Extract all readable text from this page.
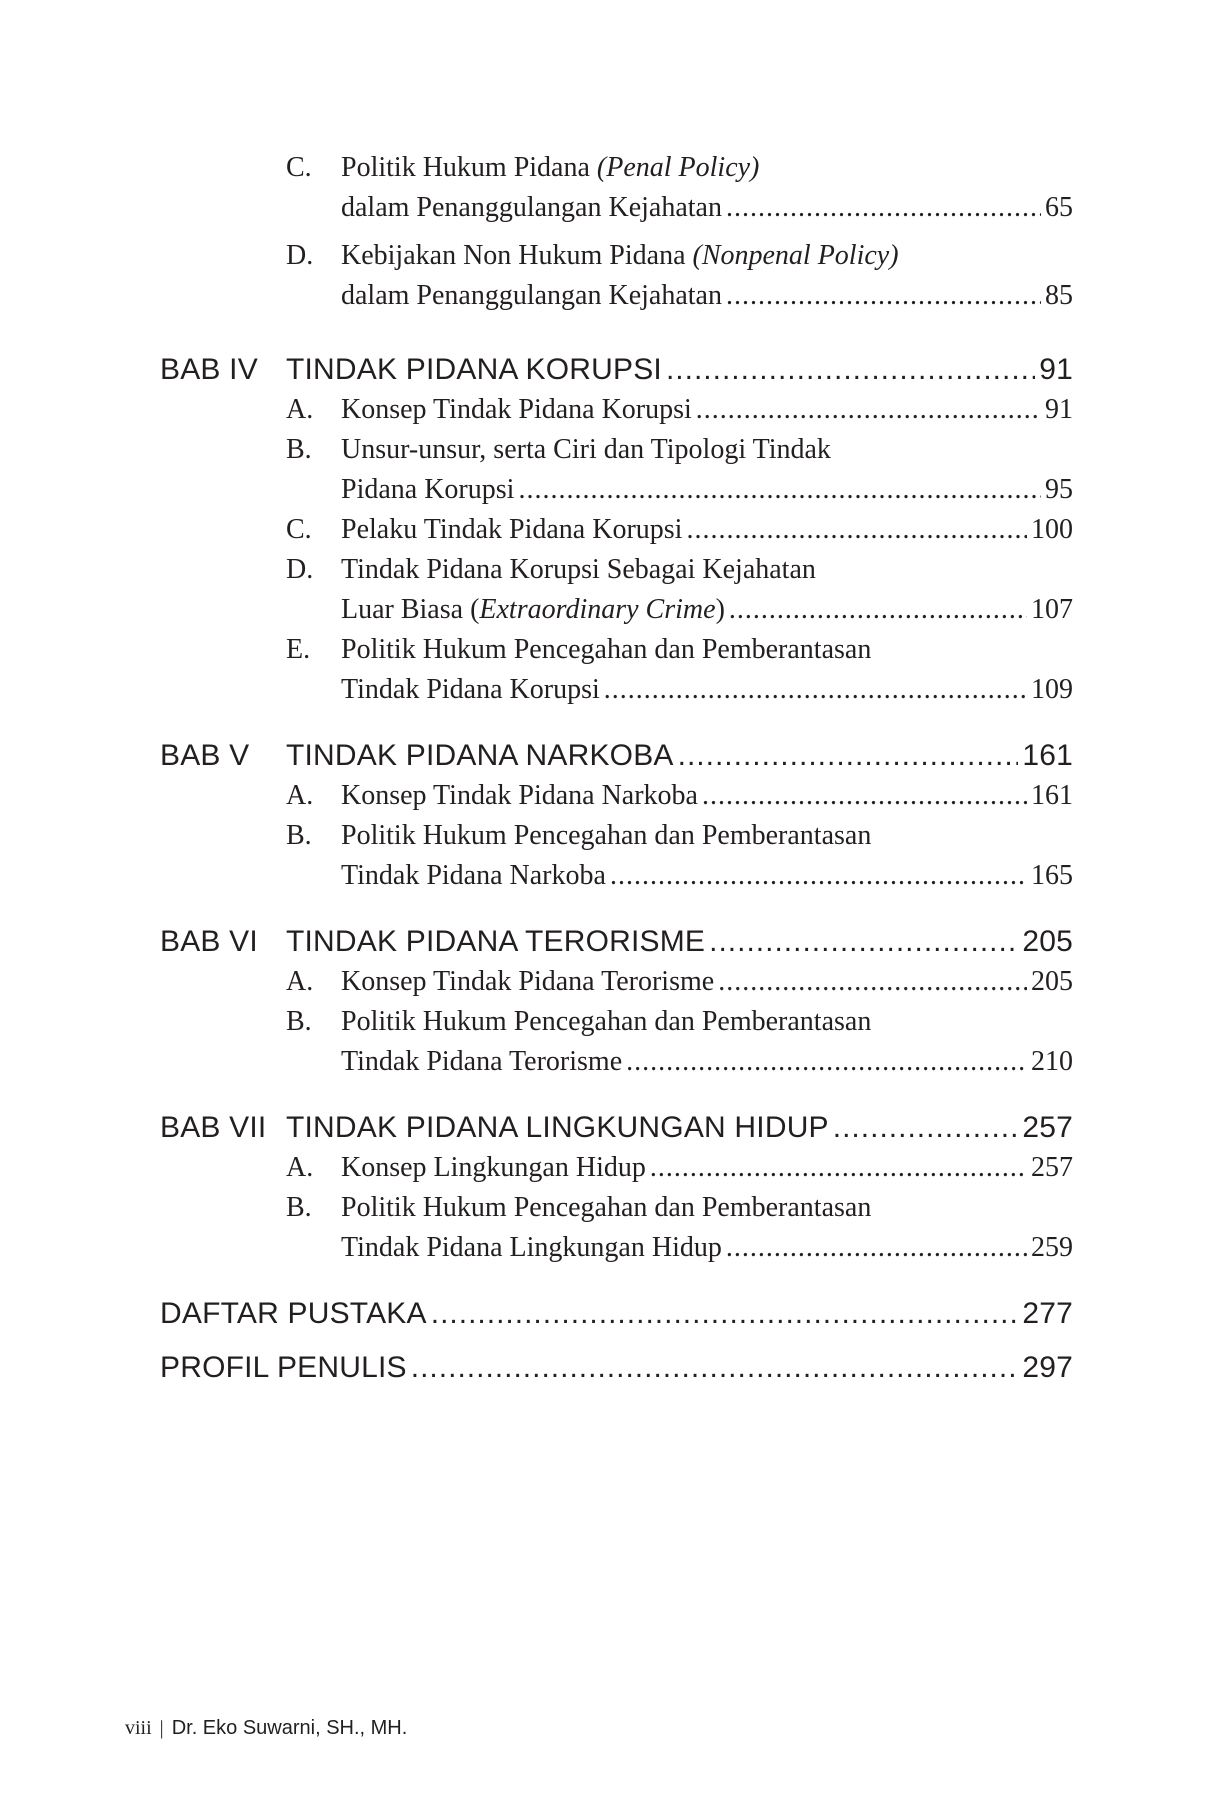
C.	Politik Hukum Pidana (Penal Policy)
dalam Penanggulangan Kejahatan .....	65
D. Kebijakan Non Hukum Pidana (Nonpenal Policy)
dalam Penanggulangan Kejahatan .....	85
BAB IV TINDAK PIDANA KORUPSI .....	91
A. Konsep Tindak Pidana Korupsi .....	91
B.	Unsur-unsur, serta Ciri dan Tipologi Tindak
Pidana Korupsi .....	95
C.	Pelaku Tindak Pidana Korupsi .....	100
D. Tindak Pidana Korupsi Sebagai Kejahatan
Luar Biasa (Extraordinary Crime) .....	107
E.	Politik Hukum Pencegahan dan Pemberantasan
Tindak Pidana Korupsi .....	109
BAB V	TINDAK PIDANA NARKOBA .....	161
A. Konsep Tindak Pidana Narkoba .....	161
B.	Politik Hukum Pencegahan dan Pemberantasan
Tindak Pidana Narkoba .....	165
BAB VI TINDAK PIDANA TERORISME .....	205
A. Konsep Tindak Pidana Terorisme .....	205
B.	Politik Hukum Pencegahan dan Pemberantasan
Tindak Pidana Terorisme .....	210
BAB VII TINDAK PIDANA LINGKUNGAN HIDUP .....	257
A. Konsep Lingkungan Hidup .....	257
B.	Politik Hukum Pencegahan dan Pemberantasan
Tindak Pidana Lingkungan Hidup .....	259
DAFTAR PUSTAKA .....	277
PROFIL PENULIS .....	297
viii | Dr. Eko Suwarni, SH., MH.
